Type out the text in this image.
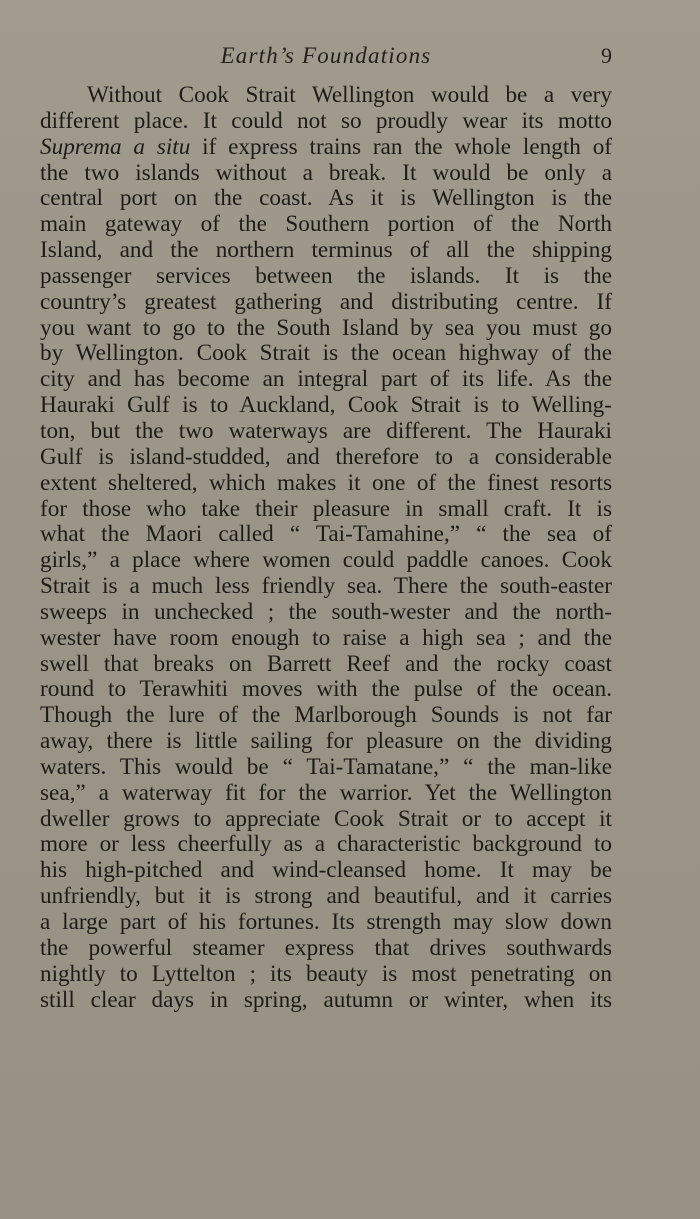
Earth’s Foundations	9
Without Cook Strait Wellington would be a very
different place. It could not so proudly wear its motto
Suprema a situ if express trains ran the whole length of
the two islands without a break. It would be only a
central port on the coast. As it is Wellington is the
main gateway of the Southern portion of the North
Island, and the northern terminus of all the shipping
passenger services between the islands. It is the
country’s greatest gathering and distributing centre. If
you want to go to the South Island by sea you must go
by Wellington. Cook Strait is the ocean highway of the
city and has become an integral part of its life. As the
Hauraki Gulf is to Auckland, Cook Strait is to Welling-
ton, but the two waterways are different. The Hauraki
Gulf is island-studded, and therefore to a considerable
extent sheltered, which makes it one of the finest resorts
for those who take their pleasure in small craft. It is
what the Maori called “ Tai-Tamahine,” “ the sea of
girls,” a place where women could paddle canoes. Cook
Strait is a much less friendly sea. There the south-easter
sweeps in unchecked ; the south-wester and the north-
wester have room enough to raise a high sea ; and the
swell that breaks on Barrett Reef and the rocky coast
round to Terawhiti moves with the pulse of the ocean.
Though the lure of the Marlborough Sounds is not far
away, there is little sailing for pleasure on the dividing
waters. This would be “ Tai-Tamatane,” “ the man-like
sea,” a waterway fit for the warrior. Yet the Wellington
dweller grows to appreciate Cook Strait or to accept it
more or less cheerfully as a characteristic background to
his high-pitched and wind-cleansed home. It may be
unfriendly, but it is strong and beautiful, and it carries
a large part of his fortunes. Its strength may slow down
the powerful steamer express that drives southwards
nightly to Lyttelton ; its beauty is most penetrating on
still clear days in spring, autumn or winter, when its
